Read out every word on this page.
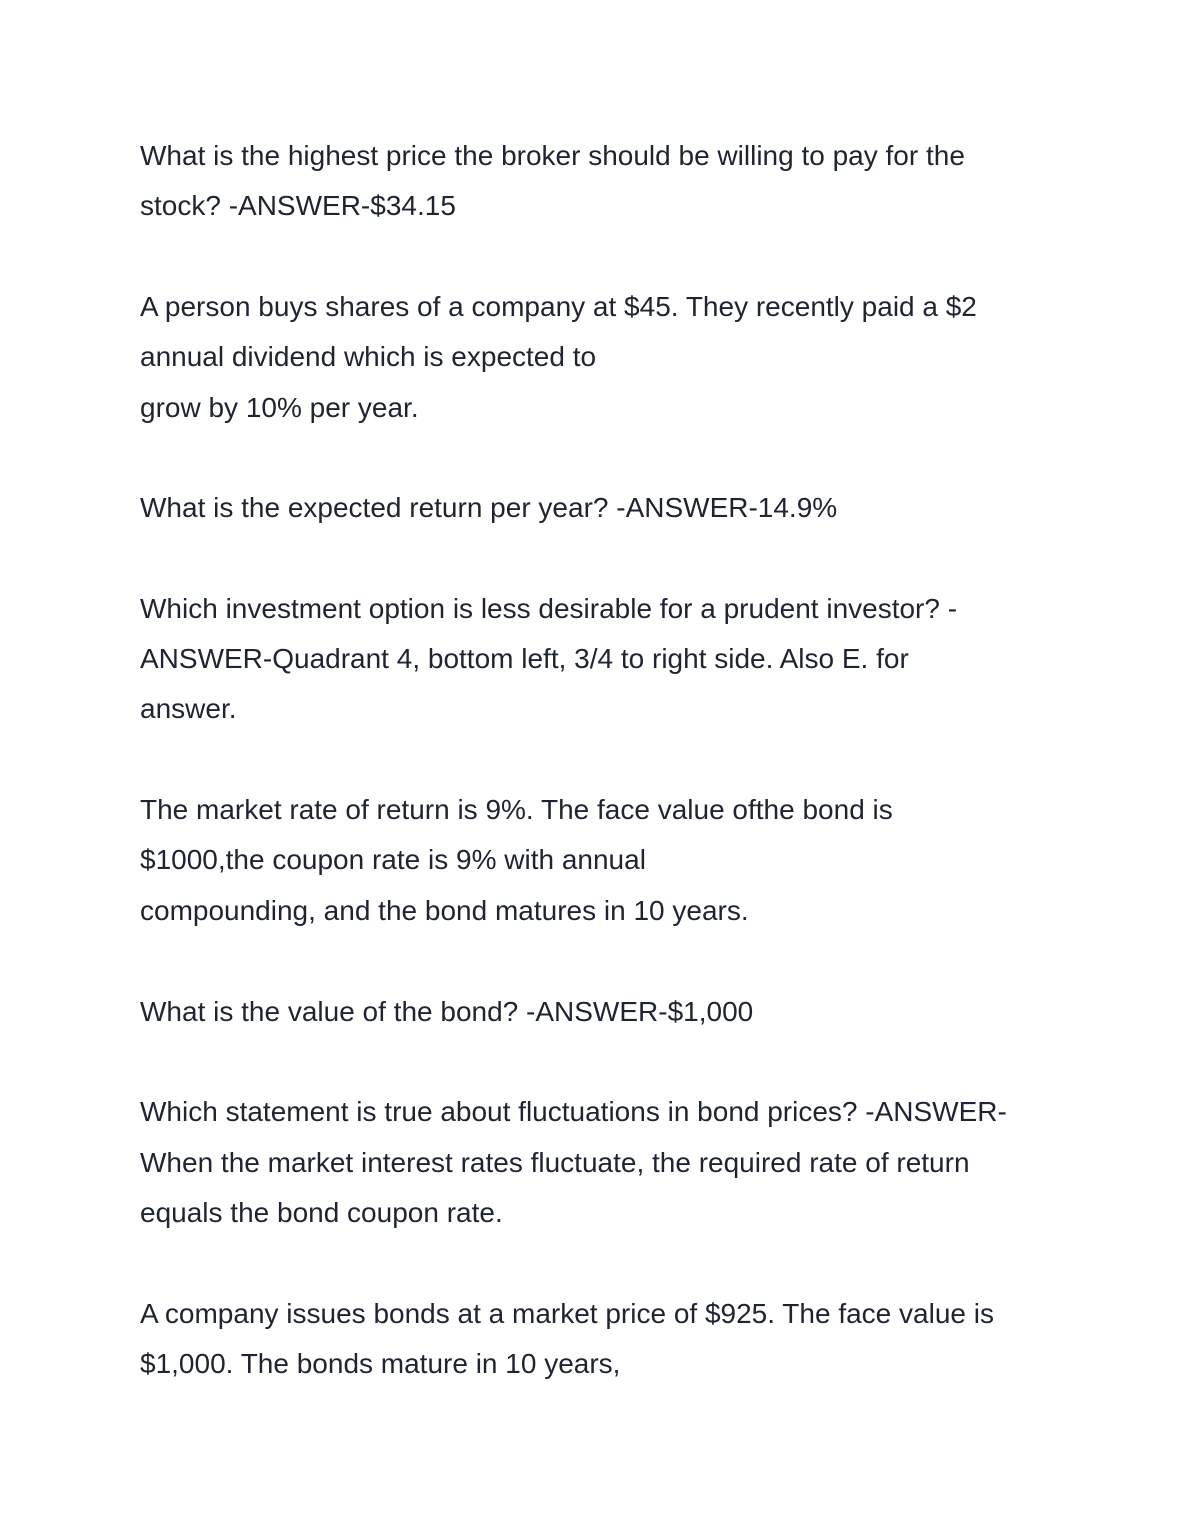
What is the highest price the broker should be willing to pay for the
stock? -ANSWER-$34.15
A person buys shares of a company at $45. They recently paid a $2
annual dividend which is expected to
grow by 10% per year.
What is the expected return per year? -ANSWER-14.9%
Which investment option is less desirable for a prudent investor? -
ANSWER-Quadrant 4, bottom left, 3/4 to right side. Also E. for
answer.
The market rate of return is 9%. The face value ofthe bond is
$1000,the coupon rate is 9% with annual
compounding, and the bond matures in 10 years.
What is the value of the bond? -ANSWER-$1,000
Which statement is true about fluctuations in bond prices? -ANSWER-
When the market interest rates fluctuate, the required rate of return
equals the bond coupon rate.
A company issues bonds at a market price of $925. The face value is
$1,000. The bonds mature in 10 years,
